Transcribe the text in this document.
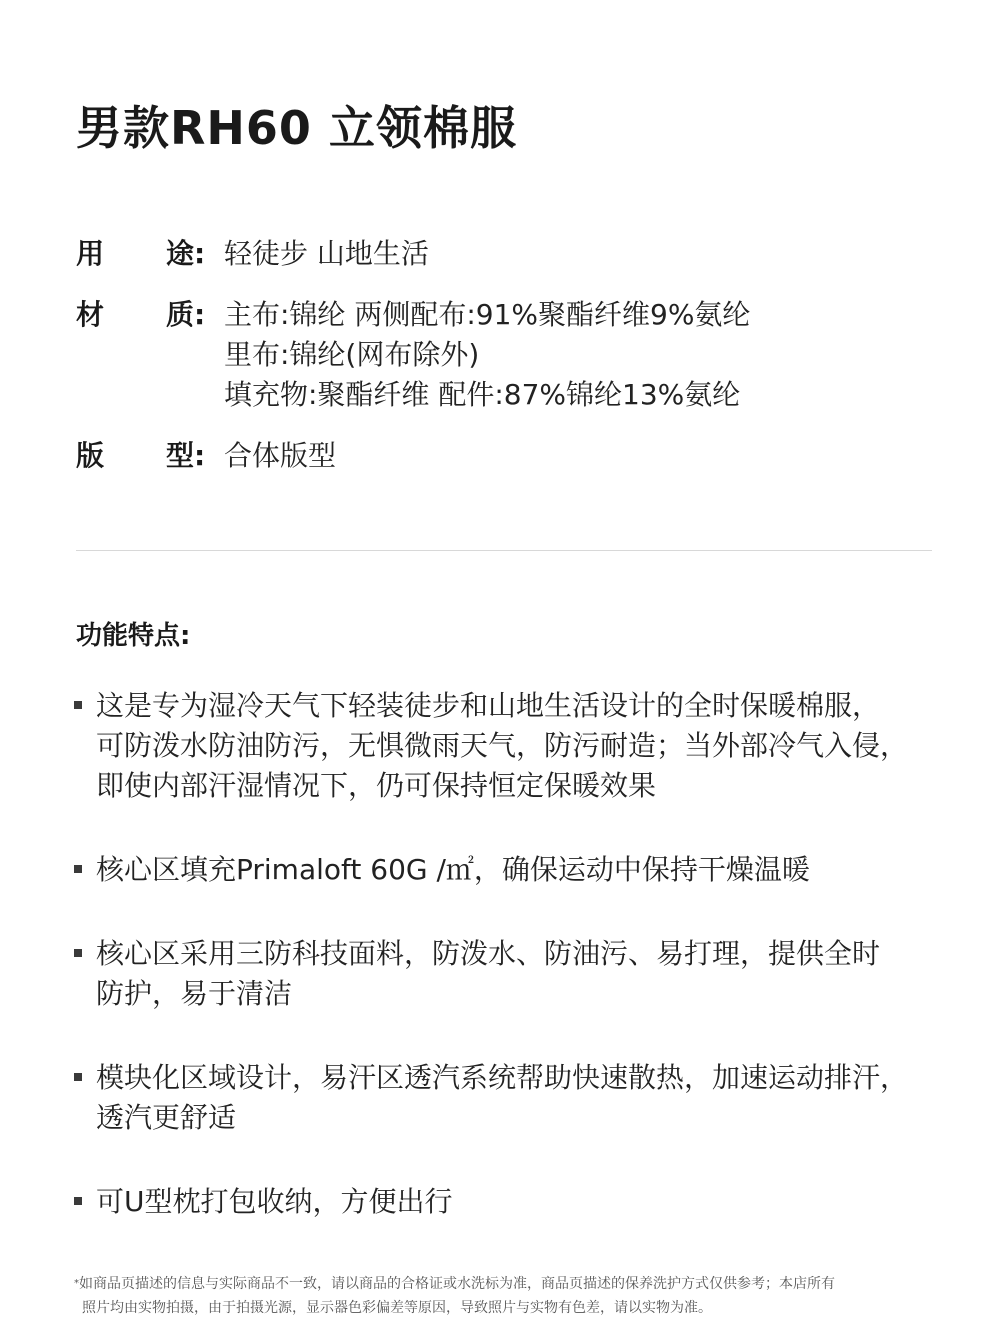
男款RH60 立领棉服
用 途: 轻徒步 山地生活
材 质: 主布:锦纶 两侧配布:91%聚酯纤维9%氨纶
里布:锦纶(网布除外)
填充物:聚酯纤维 配件:87%锦纶13%氨纶
版 型: 合体版型
功能特点:
这是专为湿冷天气下轻装徒步和山地生活设计的全时保暖棉服，
可防泼水防油防污，无惧微雨天气，防污耐造；当外部冷气入侵，
即使内部汗湿情况下，仍可保持恒定保暖效果
核心区填充Primaloft 60G /㎡，确保运动中保持干燥温暖
核心区采用三防科技面料，防泼水、防油污、易打理，提供全时
防护，易于清洁
模块化区域设计，易汗区透汽系统帮助快速散热，加速运动排汗，
透汽更舒适
可U型枕打包收纳，方便出行
*如商品页描述的信息与实际商品不一致，请以商品的合格证或水洗标为准，商品页描述的保养洗护方式仅供参考；本店所有
照片均由实物拍摄，由于拍摄光源，显示器色彩偏差等原因，导致照片与实物有色差，请以实物为准。
